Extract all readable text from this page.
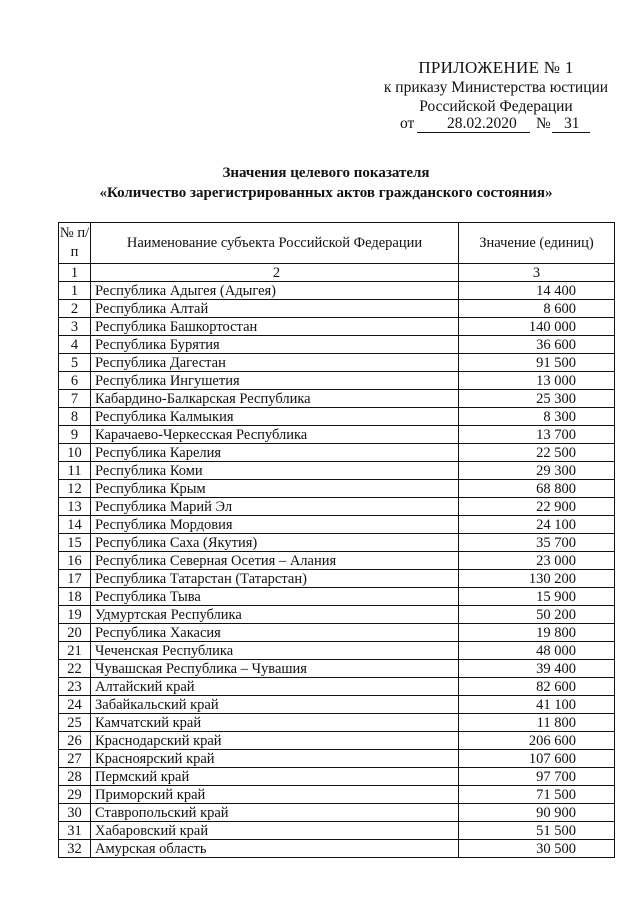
ПРИЛОЖЕНИЕ № 1
к приказу Министерства юстиции
Российской Федерации
от 28.02.2020 № 31
Значения целевого показателя
«Количество зарегистрированных актов гражданского состояния»
№ п/п	Наименование субъекта Российской Федерации	Значение (единиц)
1	2	3
1	Республика Адыгея (Адыгея)	14 400
2	Республика Алтай	8 600
3	Республика Башкортостан	140 000
4	Республика Бурятия	36 600
5	Республика Дагестан	91 500
6	Республика Ингушетия	13 000
7	Кабардино-Балкарская Республика	25 300
8	Республика Калмыкия	8 300
9	Карачаево-Черкесская Республика	13 700
10	Республика Карелия	22 500
11	Республика Коми	29 300
12	Республика Крым	68 800
13	Республика Марий Эл	22 900
14	Республика Мордовия	24 100
15	Республика Саха (Якутия)	35 700
16	Республика Северная Осетия – Алания	23 000
17	Республика Татарстан (Татарстан)	130 200
18	Республика Тыва	15 900
19	Удмуртская Республика	50 200
20	Республика Хакасия	19 800
21	Чеченская Республика	48 000
22	Чувашская Республика – Чувашия	39 400
23	Алтайский край	82 600
24	Забайкальский край	41 100
25	Камчатский край	11 800
26	Краснодарский край	206 600
27	Красноярский край	107 600
28	Пермский край	97 700
29	Приморский край	71 500
30	Ставропольский край	90 900
31	Хабаровский край	51 500
32	Амурская область	30 500
